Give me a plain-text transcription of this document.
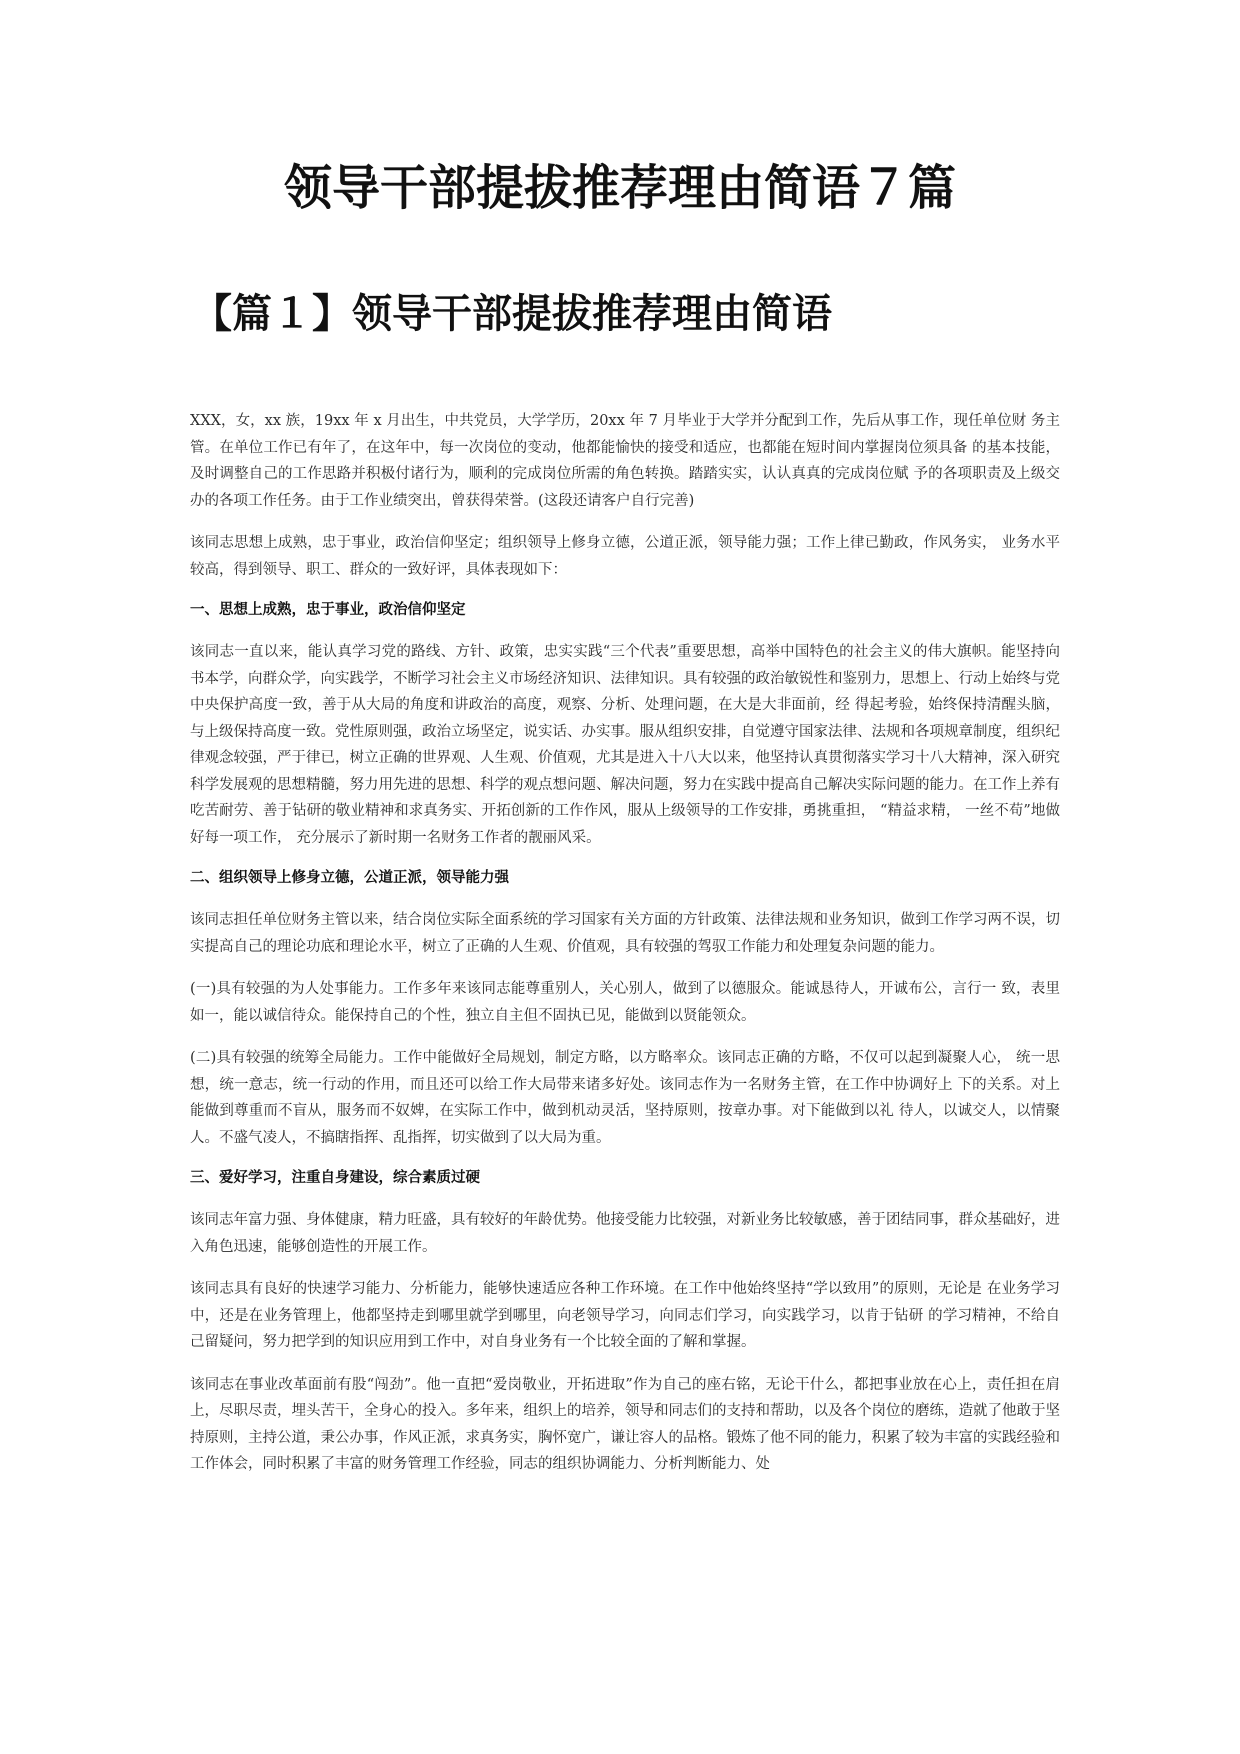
领导干部提拔推荐理由简语７篇
【篇１】领导干部提拔推荐理由简语

XXX，女，xx 族，19xx 年 x 月出生，中共党员，大学学历，20xx 年 7 月毕业于大学并分配到工作，先后从事工作，现任单位财 务主管。在单位工作已有年了，在这年中，每一次岗位的变动，他都能愉快的接受和适应，也都能在短时间内掌握岗位须具备 的基本技能，及时调整自己的工作思路并积极付诸行为，顺利的完成岗位所需的角色转换。踏踏实实，认认真真的完成岗位赋 予的各项职责及上级交办的各项工作任务。由于工作业绩突出，曾获得荣誉。(这段还请客户自行完善)

该同志思想上成熟，忠于事业，政治信仰坚定；组织领导上修身立德，公道正派，领导能力强；工作上律已勤政，作风务实， 业务水平较高，得到领导、职工、群众的一致好评，具体表现如下：

一、思想上成熟，忠于事业，政治信仰坚定

该同志一直以来，能认真学习党的路线、方针、政策，忠实实践“三个代表”重要思想，高举中国特色的社会主义的伟大旗帜。能坚持向书本学，向群众学，向实践学，不断学习社会主义市场经济知识、法律知识。具有较强的政治敏锐性和鉴别力，思想上、行动上始终与党中央保护高度一致，善于从大局的角度和讲政治的高度，观察、分析、处理问题，在大是大非面前，经 得起考验，始终保持清醒头脑，与上级保持高度一致。党性原则强，政治立场坚定，说实话、办实事。服从组织安排，自觉遵守国家法律、法规和各项规章制度，组织纪律观念较强，严于律已，树立正确的世界观、人生观、价值观，尤其是进入十八大以来，他坚持认真贯彻落实学习十八大精神，深入研究科学发展观的思想精髓，努力用先进的思想、科学的观点想问题、解决问题，努力在实践中提高自己解决实际问题的能力。在工作上养有吃苦耐劳、善于钻研的敬业精神和求真务实、开拓创新的工作作风，服从上级领导的工作安排，勇挑重担， “精益求精， 一丝不苟”地做好每一项工作， 充分展示了新时期一名财务工作者的靓丽风采。

二、组织领导上修身立德，公道正派，领导能力强

该同志担任单位财务主管以来，结合岗位实际全面系统的学习国家有关方面的方针政策、法律法规和业务知识，做到工作学习两不误，切实提高自己的理论功底和理论水平，树立了正确的人生观、价值观，具有较强的驾驭工作能力和处理复杂问题的能力。

(一)具有较强的为人处事能力。工作多年来该同志能尊重别人，关心别人，做到了以德服众。能诚恳待人，开诚布公，言行一 致，表里如一，能以诚信待众。能保持自己的个性，独立自主但不固执已见，能做到以贤能领众。

(二)具有较强的统筹全局能力。工作中能做好全局规划，制定方略，以方略率众。该同志正确的方略，不仅可以起到凝聚人心， 统一思想，统一意志，统一行动的作用，而且还可以给工作大局带来诸多好处。该同志作为一名财务主管，在工作中协调好上 下的关系。对上能做到尊重而不盲从，服务而不奴婢，在实际工作中，做到机动灵活，坚持原则，按章办事。对下能做到以礼 待人，以诚交人，以情聚人。不盛气凌人，不搞瞎指挥、乱指挥，切实做到了以大局为重。

三、爱好学习，注重自身建设，综合素质过硬

该同志年富力强、身体健康，精力旺盛，具有较好的年龄优势。他接受能力比较强，对新业务比较敏感，善于团结同事，群众基础好，进入角色迅速，能够创造性的开展工作。

该同志具有良好的快速学习能力、分析能力，能够快速适应各种工作环境。在工作中他始终坚持“学以致用”的原则，无论是 在业务学习中，还是在业务管理上，他都坚持走到哪里就学到哪里，向老领导学习，向同志们学习，向实践学习，以肯于钻研 的学习精神，不给自己留疑问，努力把学到的知识应用到工作中，对自身业务有一个比较全面的了解和掌握。

该同志在事业改革面前有股“闯劲”。他一直把“爱岗敬业，开拓进取”作为自己的座右铭，无论干什么，都把事业放在心上，责任担在肩上，尽职尽责，埋头苦干，全身心的投入。多年来，组织上的培养，领导和同志们的支持和帮助，以及各个岗位的磨练，造就了他敢于坚持原则，主持公道，秉公办事，作风正派，求真务实，胸怀宽广，谦让容人的品格。锻炼了他不同的能力，积累了较为丰富的实践经验和工作体会，同时积累了丰富的财务管理工作经验，同志的组织协调能力、分析判断能力、处
